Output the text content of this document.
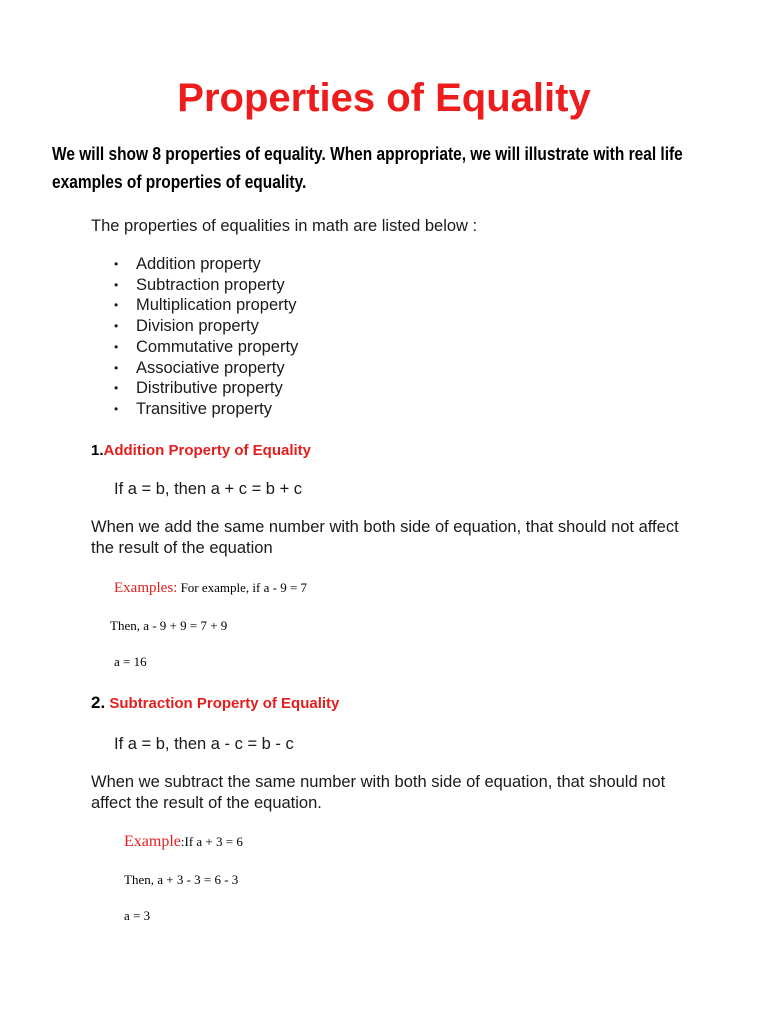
Properties of Equality

We will show 8 properties of equality. When appropriate, we will illustrate with real life examples of properties of equality.

The properties of equalities in math are listed below :

• Addition property
• Subtraction property
• Multiplication property
• Division property
• Commutative property
• Associative property
• Distributive property
• Transitive property
1.Addition Property of Equality

If a = b, then a + c = b + c

When we add the same number with both side of equation, that should not affect the result of the equation

Examples: For example, if a - 9 = 7

Then, a - 9 + 9 = 7 + 9

a = 16

2. Subtraction Property of Equality

If a = b, then a - c = b - c

When we subtract the same number with both side of equation, that should not affect the result of the equation.

Example:If a + 3 = 6

Then, a + 3 - 3 = 6 - 3

a = 3
